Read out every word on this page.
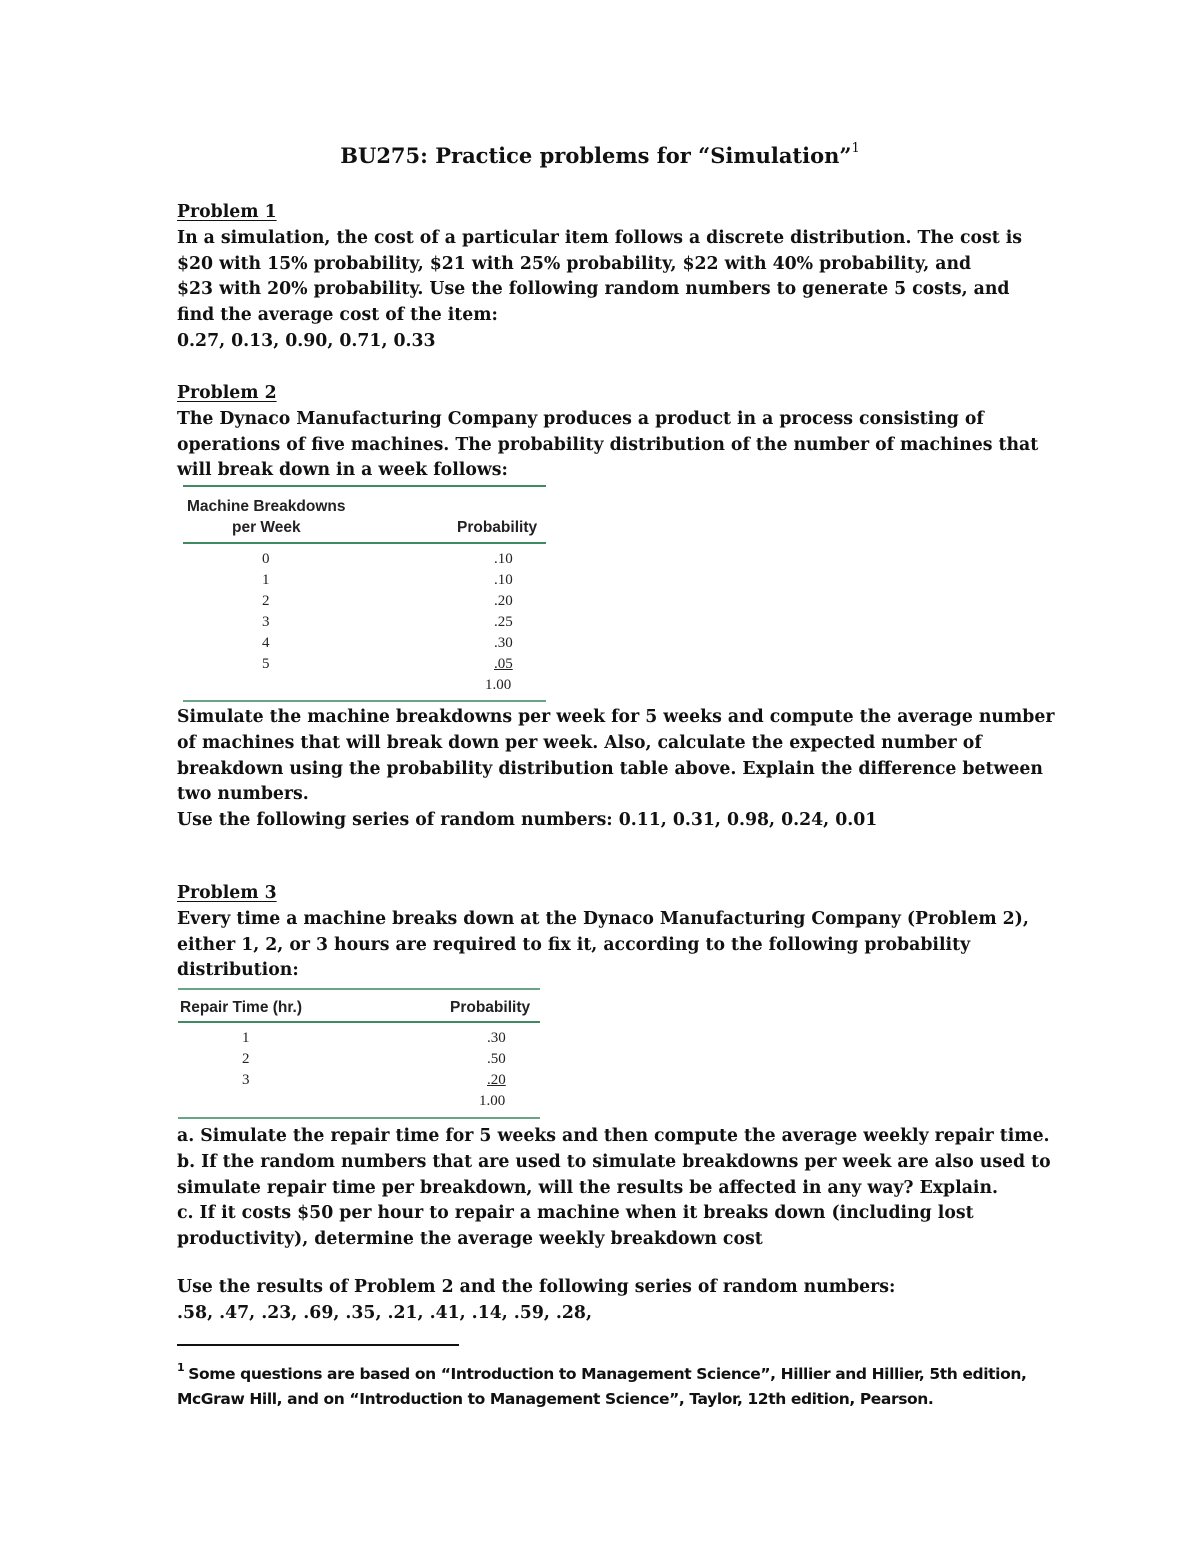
BU275: Practice problems for “Simulation”$^1$
Problem 1
In a simulation, the cost of a particular item follows a discrete distribution. The cost is
$20 with 15% probability, $21 with 25% probability, $22 with 40% probability, and
$23 with 20% probability. Use the following random numbers to generate 5 costs, and
find the average cost of the item:
0.27, 0.13, 0.90, 0.71, 0.33
Problem 2
The Dynaco Manufacturing Company produces a product in a process consisting of
operations of five machines. The probability distribution of the number of machines that
will break down in a week follows:
Machine Breakdowns
per Week	Probability
0	.10
1	.10
2	.20
3	.25
4	.30
5	.05
1.00
Simulate the machine breakdowns per week for 5 weeks and compute the average number
of machines that will break down per week. Also, calculate the expected number of
breakdown using the probability distribution table above. Explain the difference between
two numbers.
Use the following series of random numbers: 0.11, 0.31, 0.98, 0.24, 0.01
Problem 3
Every time a machine breaks down at the Dynaco Manufacturing Company (Problem 2),
either 1, 2, or 3 hours are required to fix it, according to the following probability
distribution:
Repair Time (hr.)	Probability
1	.30
2	.50
3	.20
1.00
a. Simulate the repair time for 5 weeks and then compute the average weekly repair time.
b. If the random numbers that are used to simulate breakdowns per week are also used to
simulate repair time per breakdown, will the results be affected in any way? Explain.
c. If it costs $50 per hour to repair a machine when it breaks down (including lost
productivity), determine the average weekly breakdown cost
Use the results of Problem 2 and the following series of random numbers:
.58, .47, .23, .69, .35, .21, .41, .14, .59, .28,
$^1$ Some questions are based on “Introduction to Management Science”, Hillier and Hillier, 5th edition,
McGraw Hill, and on “Introduction to Management Science”, Taylor, 12th edition, Pearson.
